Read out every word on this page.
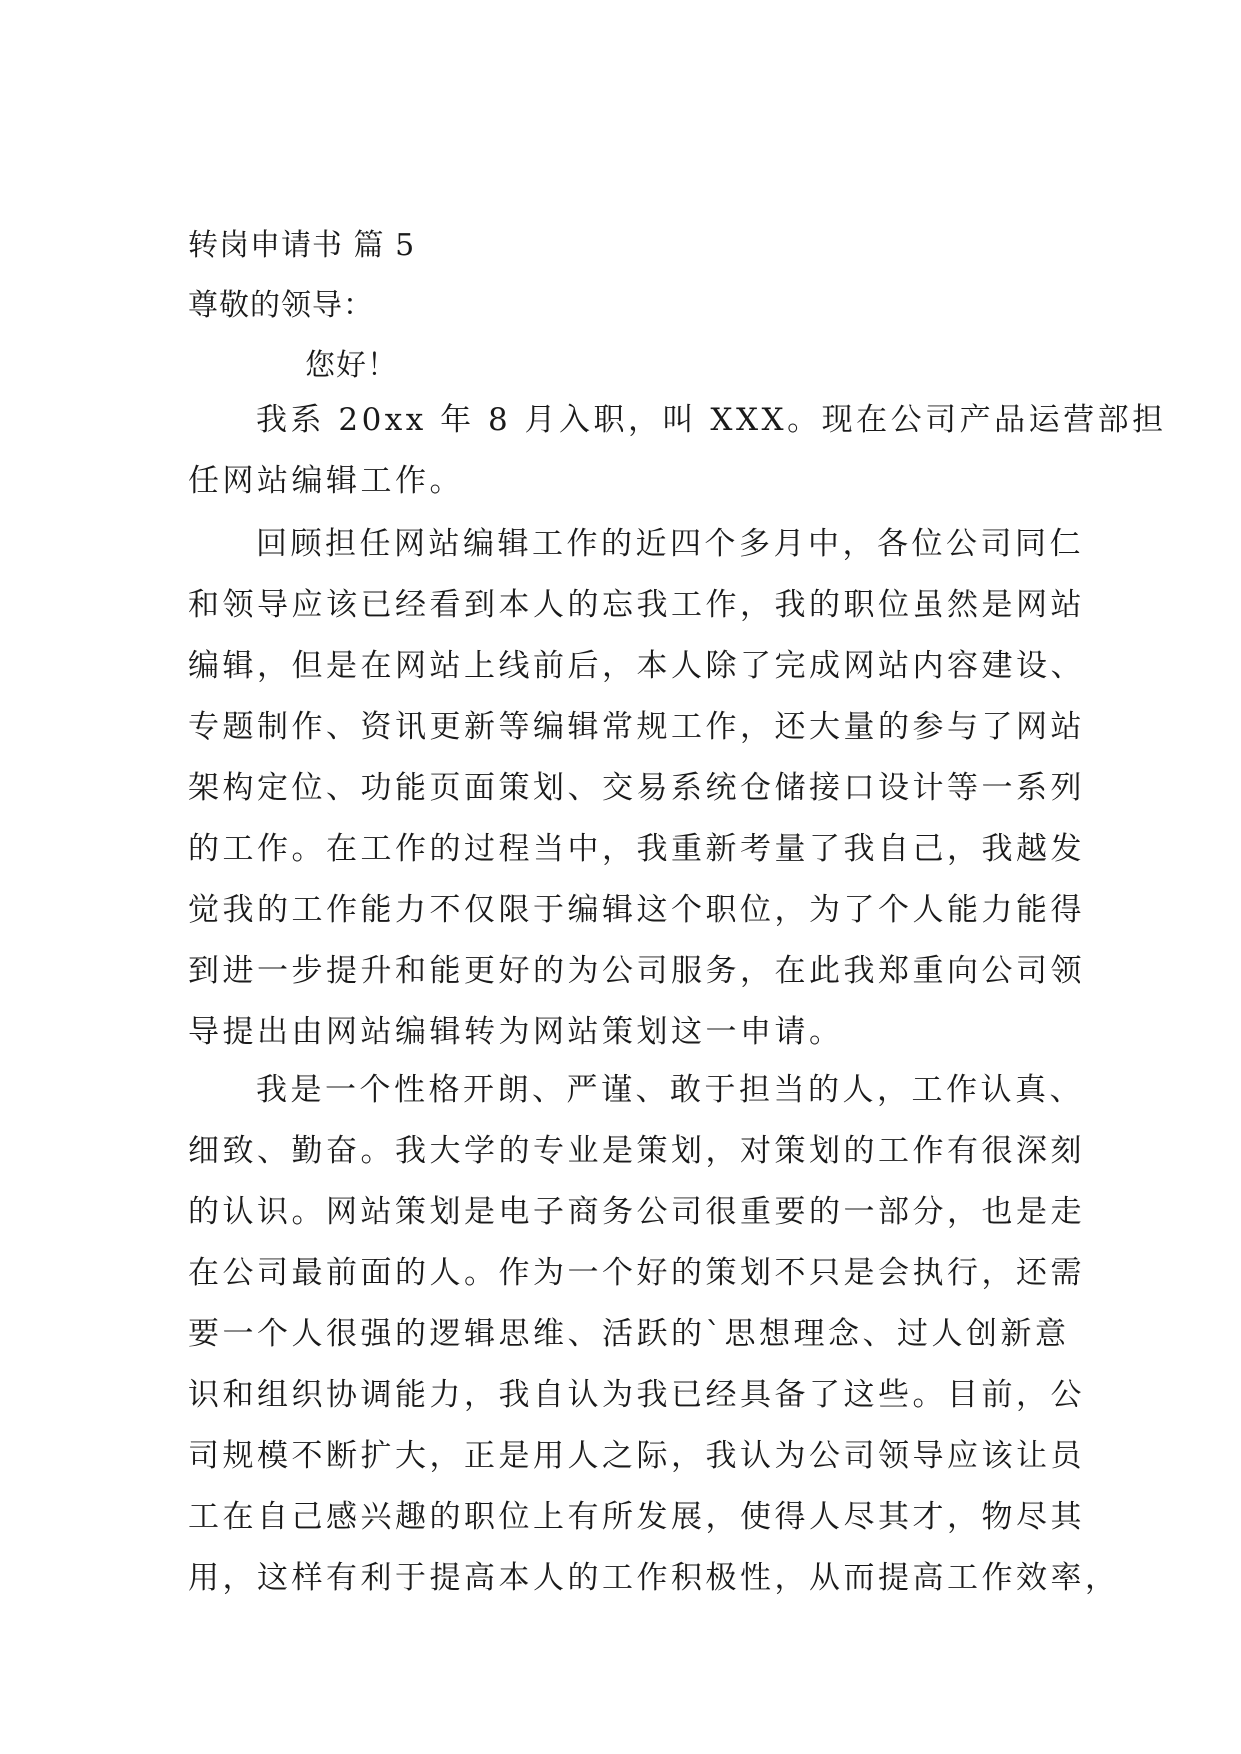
转岗申请书 篇 5
尊敬的领导：
您好！
我系 20xx 年 8 月入职，叫 XXX。现在公司产品运营部担
任网站编辑工作。
回顾担任网站编辑工作的近四个多月中，各位公司同仁
和领导应该已经看到本人的忘我工作，我的职位虽然是网站
编辑，但是在网站上线前后，本人除了完成网站内容建设、
专题制作、资讯更新等编辑常规工作，还大量的参与了网站
架构定位、功能页面策划、交易系统仓储接口设计等一系列
的工作。在工作的过程当中，我重新考量了我自己，我越发
觉我的工作能力不仅限于编辑这个职位，为了个人能力能得
到进一步提升和能更好的为公司服务，在此我郑重向公司领
导提出由网站编辑转为网站策划这一申请。
我是一个性格开朗、严谨、敢于担当的人，工作认真、
细致、勤奋。我大学的专业是策划，对策划的工作有很深刻
的认识。网站策划是电子商务公司很重要的一部分，也是走
在公司最前面的人。作为一个好的策划不只是会执行，还需
要一个人很强的逻辑思维、活跃的`思想理念、过人创新意
识和组织协调能力，我自认为我已经具备了这些。目前，公
司规模不断扩大，正是用人之际，我认为公司领导应该让员
工在自己感兴趣的职位上有所发展，使得人尽其才，物尽其
用，这样有利于提高本人的工作积极性，从而提高工作效率，
